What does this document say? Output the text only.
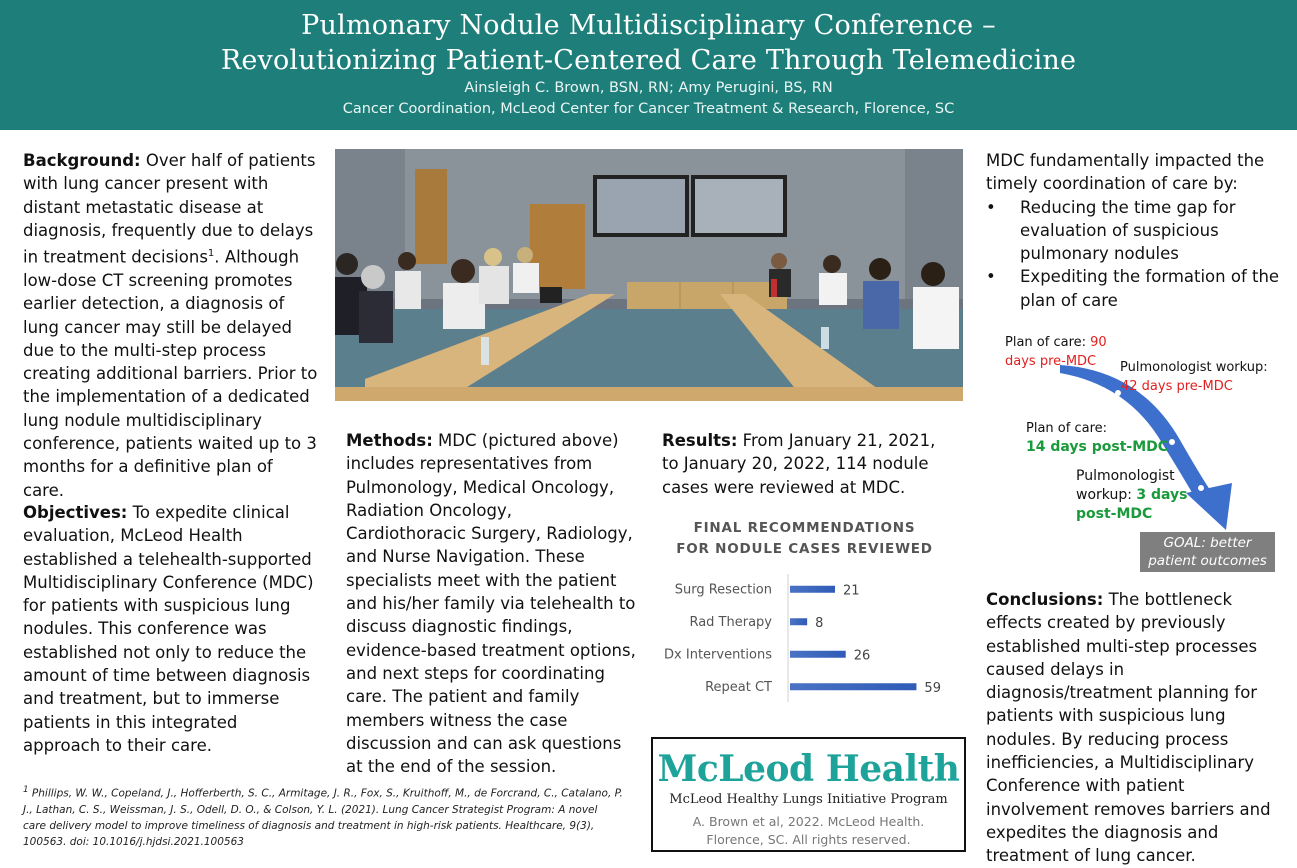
Pulmonary Nodule Multidisciplinary Conference –
Revolutionizing Patient-Centered Care Through Telemedicine
Ainsleigh C. Brown, BSN, RN; Amy Perugini, BS, RN
Cancer Coordination, McLeod Center for Cancer Treatment & Research, Florence, SC
Background: Over half of patients with lung cancer present with distant metastatic disease at diagnosis, frequently due to delays in treatment decisions$^1$. Although low-dose CT screening promotes earlier detection, a diagnosis of lung cancer may still be delayed due to the multi-step process creating additional barriers. Prior to the implementation of a dedicated lung nodule multidisciplinary conference, patients waited up to 3 months for a definitive plan of care.
Objectives: To expedite clinical evaluation, McLeod Health established a telehealth-supported Multidisciplinary Conference (MDC) for patients with suspicious lung nodules. This conference was established not only to reduce the amount of time between diagnosis and treatment, but to immerse patients in this integrated approach to their care.
Methods: MDC (pictured above) includes representatives from Pulmonology, Medical Oncology, Radiation Oncology, Cardiothoracic Surgery, Radiology, and Nurse Navigation. These specialists meet with the patient and his/her family via telehealth to discuss diagnostic findings, evidence-based treatment options, and next steps for coordinating care. The patient and family members witness the case discussion and can ask questions at the end of the session.
Results: From January 21, 2021, to January 20, 2022, 114 nodule cases were reviewed at MDC.
FINAL RECOMMENDATIONS
FOR NODULE CASES REVIEWED
Surg Resection	21
Rad Therapy	8
Dx Interventions	26
Repeat CT	59
MDC fundamentally impacted the timely coordination of care by:
• Reducing the time gap for evaluation of suspicious pulmonary nodules
• Expediting the formation of the plan of care
Plan of care: 90
days pre-MDC	Pulmonologist workup:
42 days pre-MDC
Plan of care:
14 days post-MDC
Pulmonologist
workup: 3 days
post-MDC
GOAL: better
patient outcomes
Conclusions: The bottleneck effects created by previously established multi-step processes caused delays in diagnosis/treatment planning for patients with suspicious lung nodules. By reducing process inefficiencies, a Multidisciplinary Conference with patient involvement removes barriers and expedites the diagnosis and treatment of lung cancer.
$^1$ Phillips, W. W., Copeland, J., Hofferberth, S. C., Armitage, J. R., Fox, S., Kruithoff, M., de Forcrand, C., Catalano, P. J., Lathan, C. S., Weissman, J. S., Odell, D. O., & Colson, Y. L. (2021). Lung Cancer Strategist Program: A novel care delivery model to improve timeliness of diagnosis and treatment in high-risk patients. Healthcare, 9(3), 100563. doi: 10.1016/j.hjdsi.2021.100563
McLeod Health
McLeod Healthy Lungs Initiative Program
A. Brown et al, 2022. McLeod Health.
Florence, SC. All rights reserved.
